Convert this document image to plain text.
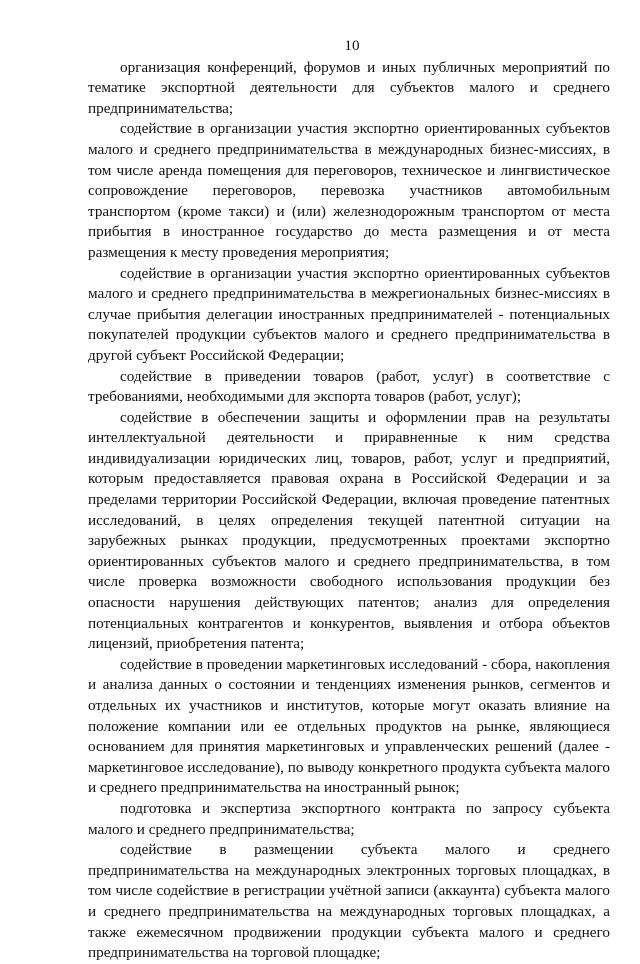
10

организация конференций, форумов и иных публичных мероприятий по тематике экспортной деятельности для субъектов малого и среднего предпринимательства;

содействие в организации участия экспортно ориентированных субъектов малого и среднего предпринимательства в международных бизнес-миссиях, в том числе аренда помещения для переговоров, техническое и лингвистическое сопровождение переговоров, перевозка участников автомобильным транспортом (кроме такси) и (или) железнодорожным транспортом от места прибытия в иностранное государство до места размещения и от места размещения к месту проведения мероприятия;

содействие в организации участия экспортно ориентированных субъектов малого и среднего предпринимательства в межрегиональных бизнес-миссиях в случае прибытия делегации иностранных предпринимателей - потенциальных покупателей продукции субъектов малого и среднего предпринимательства в другой субъект Российской Федерации;

содействие в приведении товаров (работ, услуг) в соответствие с требованиями, необходимыми для экспорта товаров (работ, услуг);

содействие в обеспечении защиты и оформлении прав на результаты интеллектуальной деятельности и приравненные к ним средства индивидуализации юридических лиц, товаров, работ, услуг и предприятий, которым предоставляется правовая охрана в Российской Федерации и за пределами территории Российской Федерации, включая проведение патентных исследований, в целях определения текущей патентной ситуации на зарубежных рынках продукции, предусмотренных проектами экспортно ориентированных субъектов малого и среднего предпринимательства, в том числе проверка возможности свободного использования продукции без опасности нарушения действующих патентов; анализ для определения потенциальных контрагентов и конкурентов, выявления и отбора объектов лицензий, приобретения патента;

содействие в проведении маркетинговых исследований - сбора, накопления и анализа данных о состоянии и тенденциях изменения рынков, сегментов и отдельных их участников и институтов, которые могут оказать влияние на положение компании или ее отдельных продуктов на рынке, являющиеся основанием для принятия маркетинговых и управленческих решений (далее - маркетинговое исследование), по выводу конкретного продукта субъекта малого и среднего предпринимательства на иностранный рынок;

подготовка и экспертиза экспортного контракта по запросу субъекта малого и среднего предпринимательства;

содействие в размещении субъекта малого и среднего предпринимательства на международных электронных торговых площадках, в том числе содействие в регистрации учётной записи (аккаунта) субъекта малого и среднего предпринимательства на международных торговых площадках, а также ежемесячном продвижении продукции субъекта малого и среднего предпринимательства на торговой площадке;
